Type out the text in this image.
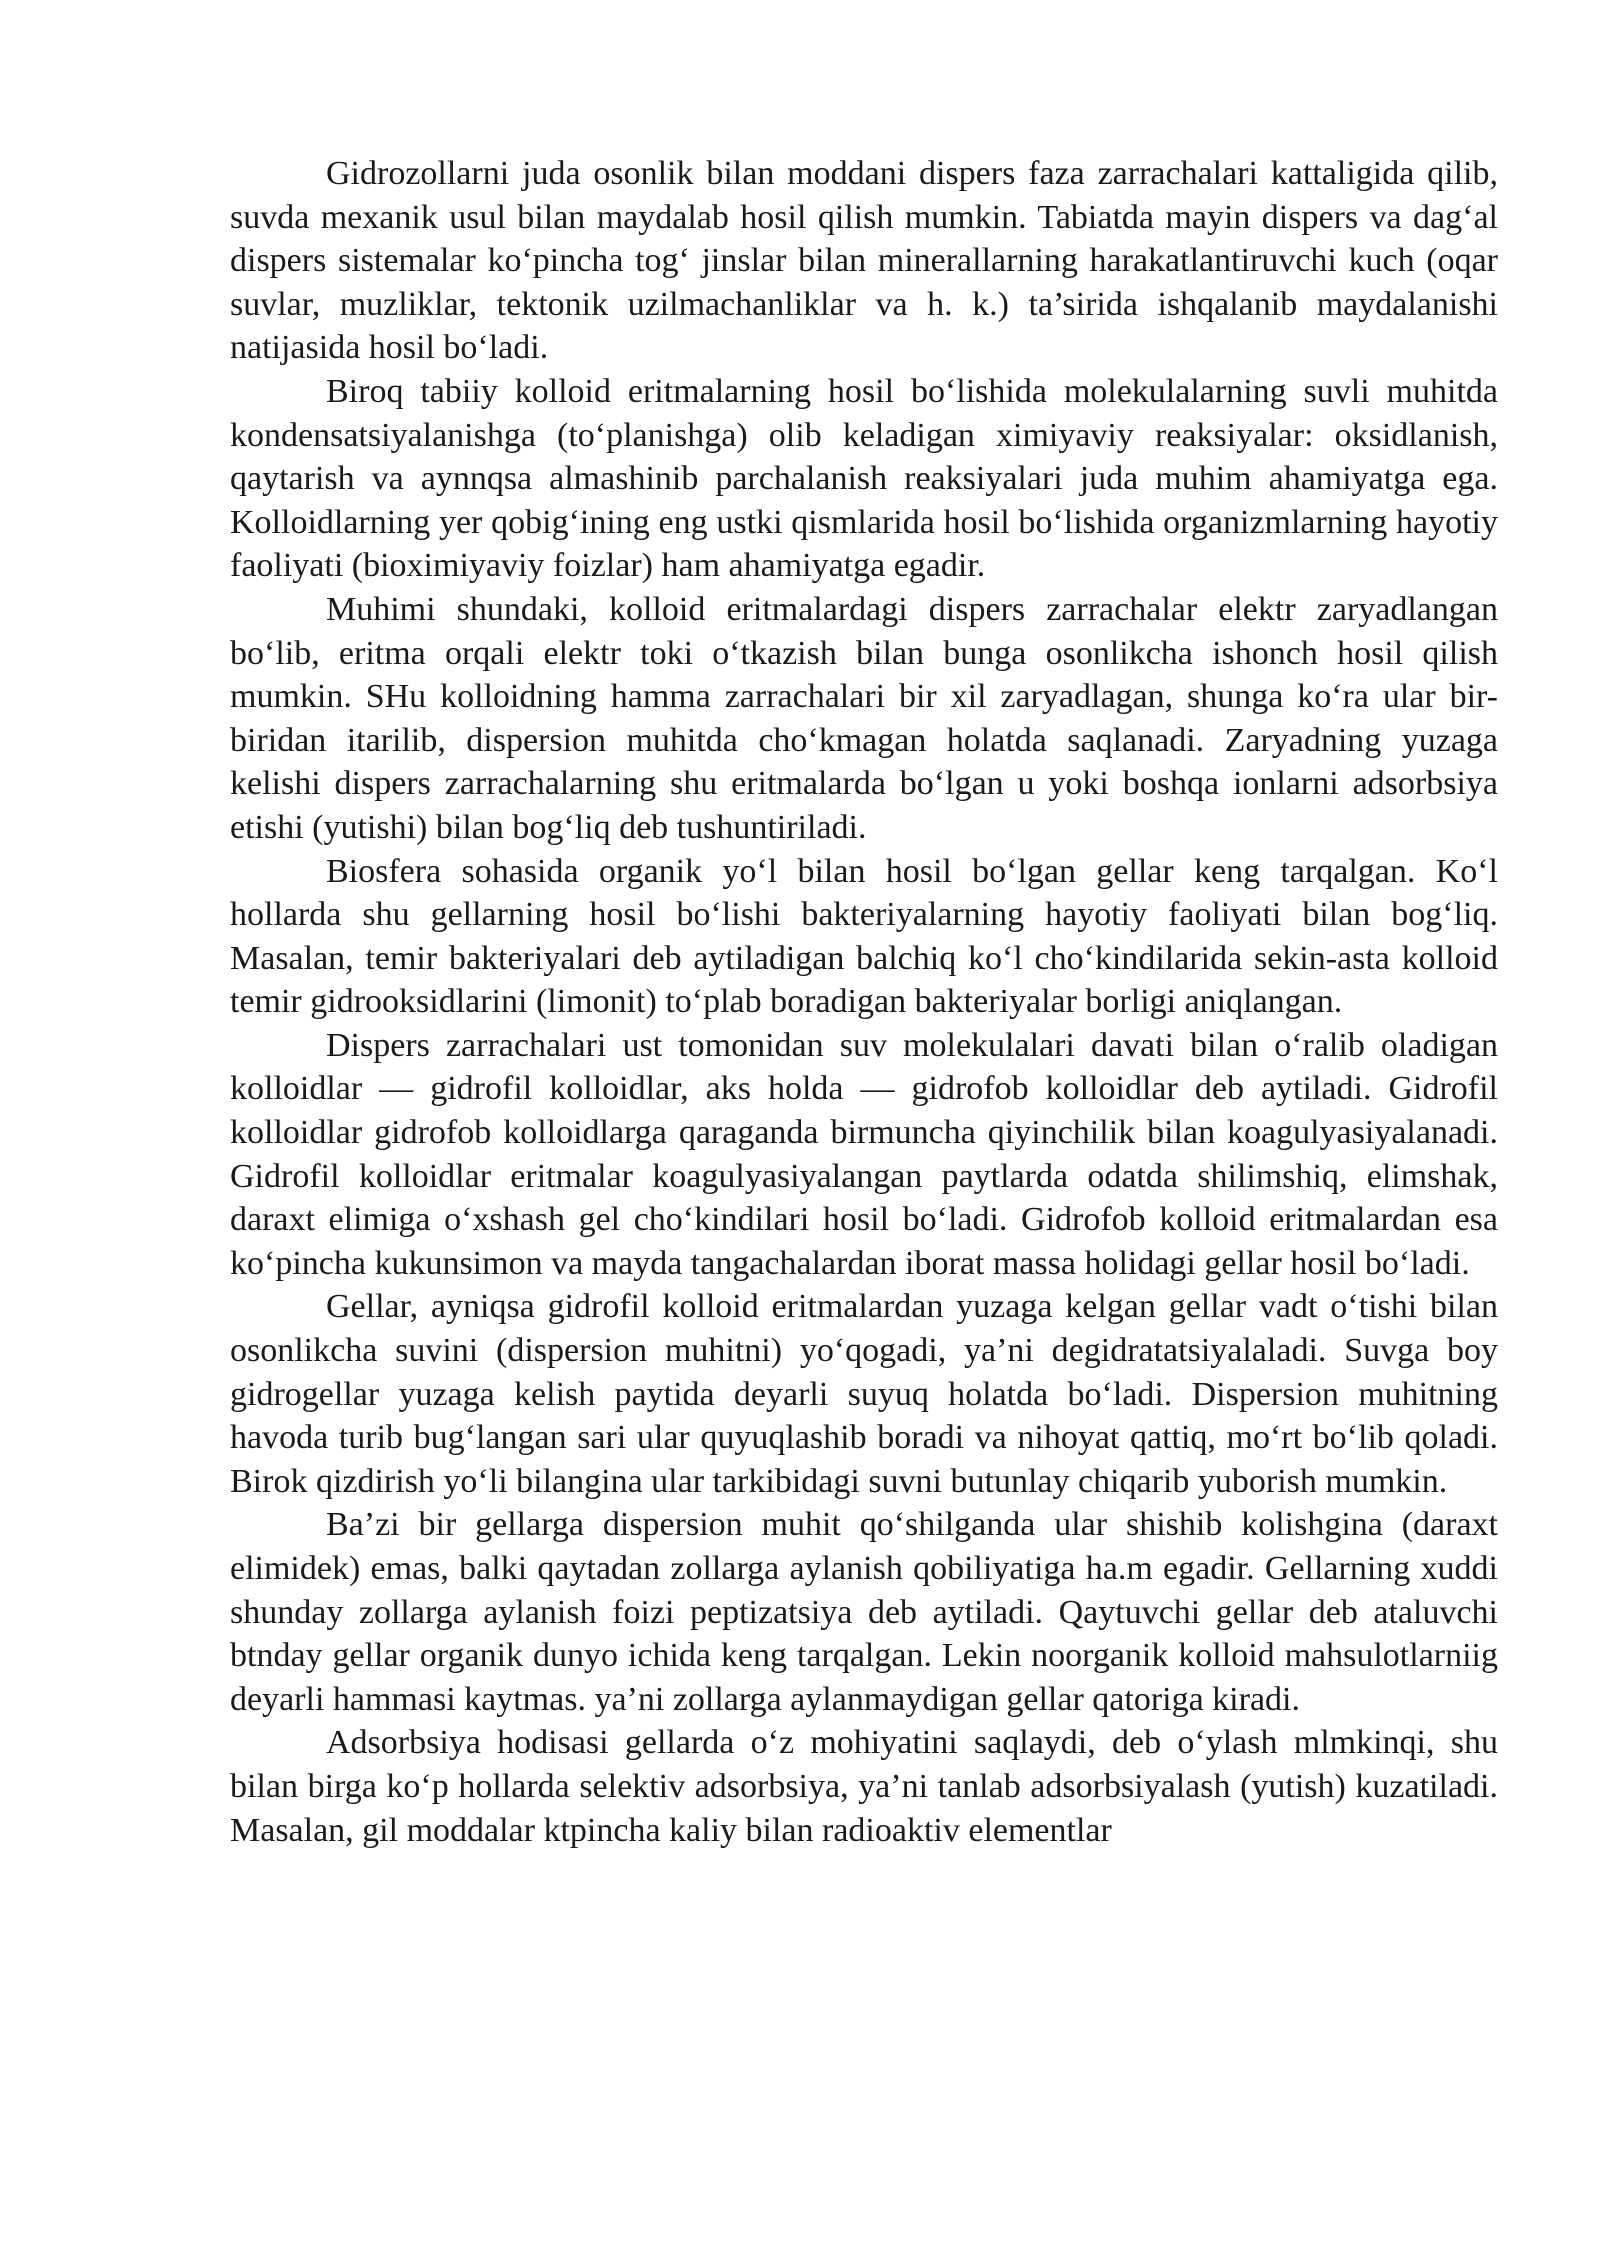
Gidrozollarni juda osonlik bilan moddani dispers faza zarrachalari kattaligida qilib, suvda mexanik usul bilan maydalab hosil qilish mumkin. Tabiatda mayin dispers va dag‘al dispers sistemalar ko‘pincha tog‘ jinslar bilan minerallarning harakatlantiruvchi kuch (oqar suvlar, muzliklar, tektonik uzilmachanliklar va h. k.) ta’sirida ishqalanib maydalanishi natijasida hosil bo‘ladi.

Biroq tabiiy kolloid eritmalarning hosil bo‘lishida molekulalarning suvli muhitda kondensatsiyalanishga (to‘planishga) olib keladigan ximiyaviy reaksiyalar: oksidlanish, qaytarish va aynnqsa almashinib parchalanish reaksiyalari juda muhim ahamiyatga ega. Kolloidlarning yer qobig‘ining eng ustki qismlarida hosil bo‘lishida organizmlarning hayotiy faoliyati (bioximiyaviy foizlar) ham ahamiyatga egadir.

Muhimi shundaki, kolloid eritmalardagi dispers zarrachalar elektr zaryadlangan bo‘lib, eritma orqali elektr toki o‘tkazish bilan bunga osonlikcha ishonch hosil qilish mumkin. SHu kolloidning hamma zarrachalari bir xil zaryadlagan, shunga ko‘ra ular bir-biridan itarilib, dispersion muhitda cho‘kmagan holatda saqlanadi. Zaryadning yuzaga kelishi dispers zarrachalarning shu eritmalarda bo‘lgan u yoki boshqa ionlarni adsorbsiya etishi (yutishi) bilan bog‘liq deb tushuntiriladi.

Biosfera sohasida organik yo‘l bilan hosil bo‘lgan gellar keng tarqalgan. Ko‘l hollarda shu gellarning hosil bo‘lishi bakteriyalarning hayotiy faoliyati bilan bog‘liq. Masalan, temir bakteriyalari deb aytiladigan balchiq ko‘l cho‘kindilarida sekin-asta kolloid temir gidrooksidlarini (limonit) to‘plab boradigan bakteriyalar borligi aniqlangan.

Dispers zarrachalari ust tomonidan suv molekulalari davati bilan o‘ralib oladigan kolloidlar — gidrofil kolloidlar, aks holda — gidrofob kolloidlar deb aytiladi. Gidrofil kolloidlar gidrofob kolloidlarga qaraganda birmuncha qiyinchilik bilan koagulyasiyalanadi. Gidrofil kolloidlar eritmalar koagulyasiyalangan paytlarda odatda shilimshiq, elimshak, daraxt elimiga o‘xshash gel cho‘kindilari hosil bo‘ladi. Gidrofob kolloid eritmalardan esa ko‘pincha kukunsimon va mayda tangachalardan iborat massa holidagi gellar hosil bo‘ladi.

Gellar, ayniqsa gidrofil kolloid eritmalardan yuzaga kelgan gellar vadt o‘tishi bilan osonlikcha suvini (dispersion muhitni) yo‘qogadi, ya’ni degidratatsiyalaladi. Suvga boy gidrogellar yuzaga kelish paytida deyarli suyuq holatda bo‘ladi. Dispersion muhitning havoda turib bug‘langan sari ular quyuqlashib boradi va nihoyat qattiq, mo‘rt bo‘lib qoladi. Birok qizdirish yo‘li bilangina ular tarkibidagi suvni butunlay chiqarib yuborish mumkin.

Ba’zi bir gellarga dispersion muhit qo‘shilganda ular shishib kolishgina (daraxt elimidek) emas, balki qaytadan zollarga aylanish qobiliyatiga ha.m egadir. Gellarning xuddi shunday zollarga aylanish foizi peptizatsiya deb aytiladi. Qaytuvchi gellar deb ataluvchi btnday gellar organik dunyo ichida keng tarqalgan. Lekin noorganik kolloid mahsulotlarniig deyarli hammasi kaytmas. ya’ni zollarga aylanmaydigan gellar qatoriga kiradi.

Adsorbsiya hodisasi gellarda o‘z mohiyatini saqlaydi, deb o‘ylash mlmkinqi, shu bilan birga ko‘p hollarda selektiv adsorbsiya, ya’ni tanlab adsorbsiyalash (yutish) kuzatiladi. Masalan, gil moddalar ktpincha kaliy bilan radioaktiv elementlar
